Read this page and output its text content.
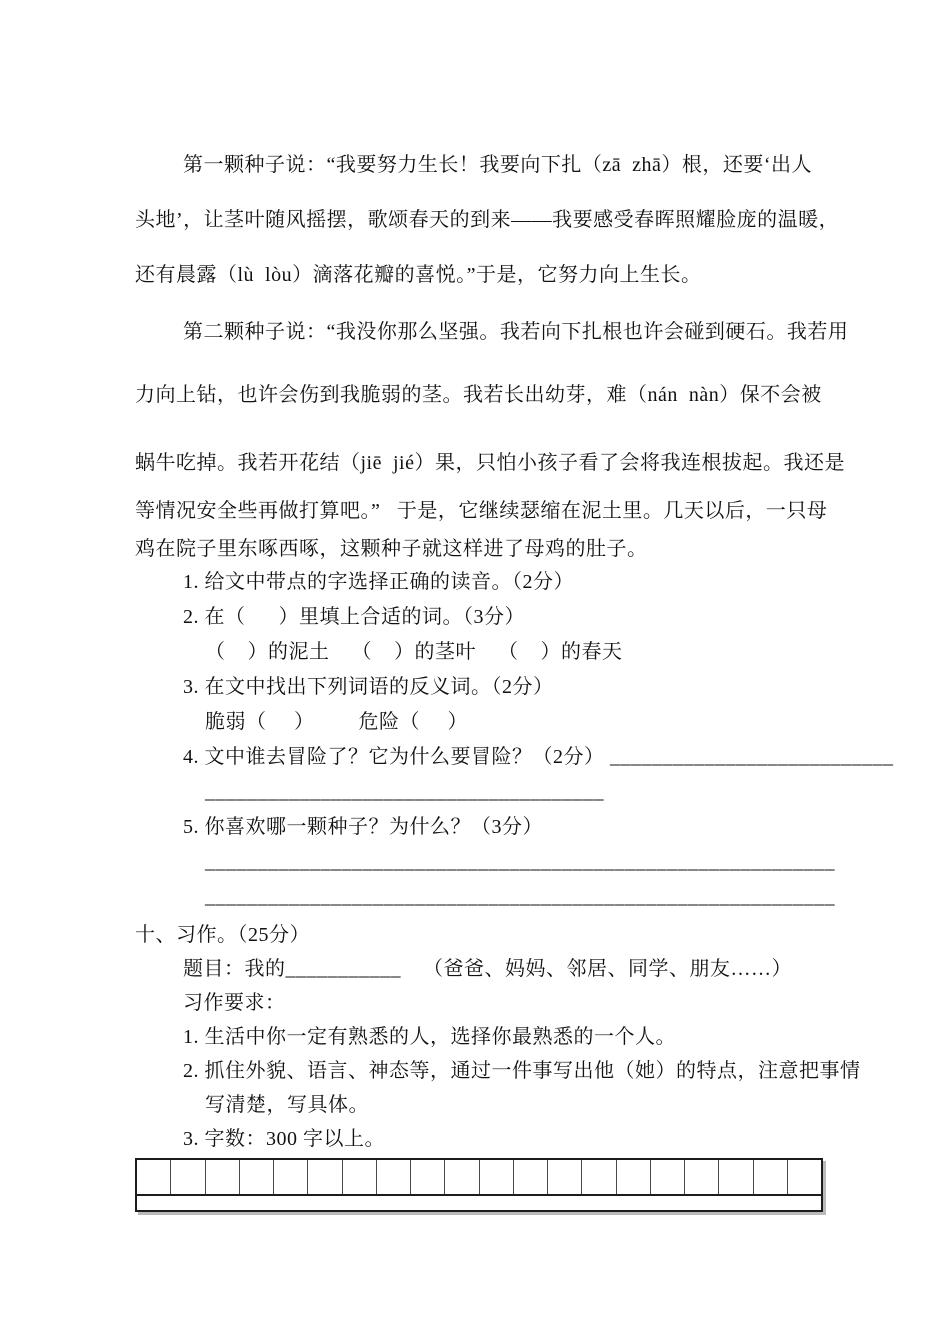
第一颗种子说：“我要努力生长！我要向下扎（zā  zhā）根，还要‘出人
头地’，让茎叶随风摇摆，歌颂春天的到来——我要感受春晖照耀脸庞的温暖，
还有晨露（lù  lòu）滴落花瓣的喜悦。”于是，它努力向上生长。
第二颗种子说：“我没你那么坚强。我若向下扎根也许会碰到硬石。我若用
力向上钻，也许会伤到我脆弱的茎。我若长出幼芽，难（nán  nàn）保不会被
蜗牛吃掉。我若开花结（jiē  jié）果，只怕小孩子看了会将我连根拔起。我还是
等情况安全些再做打算吧。”   于是，它继续瑟缩在泥土里。几天以后，一只母
鸡在院子里东啄西啄，这颗种子就这样进了母鸡的肚子。
1. 给文中带点的字选择正确的读音。（2分）
2. 在（      ）里填上合适的词。（3分）
（    ）的泥土    （    ）的茎叶    （    ）的春天
3. 在文中找出下列词语的反义词。（2分）
脆弱（     ）        危险（     ）
4. 文中谁去冒险了？它为什么要冒险？（2分） ___________________________
______________________________________
5. 你喜欢哪一颗种子？为什么？（3分）
____________________________________________________________
____________________________________________________________
十、习作。（25分）
题目：我的___________    （爸爸、妈妈、邻居、同学、朋友……）
习作要求：
1. 生活中你一定有熟悉的人，选择你最熟悉的一个人。
2. 抓住外貌、语言、神态等，通过一件事写出他（她）的特点，注意把事情
写清楚，写具体。
3. 字数：300 字以上。
